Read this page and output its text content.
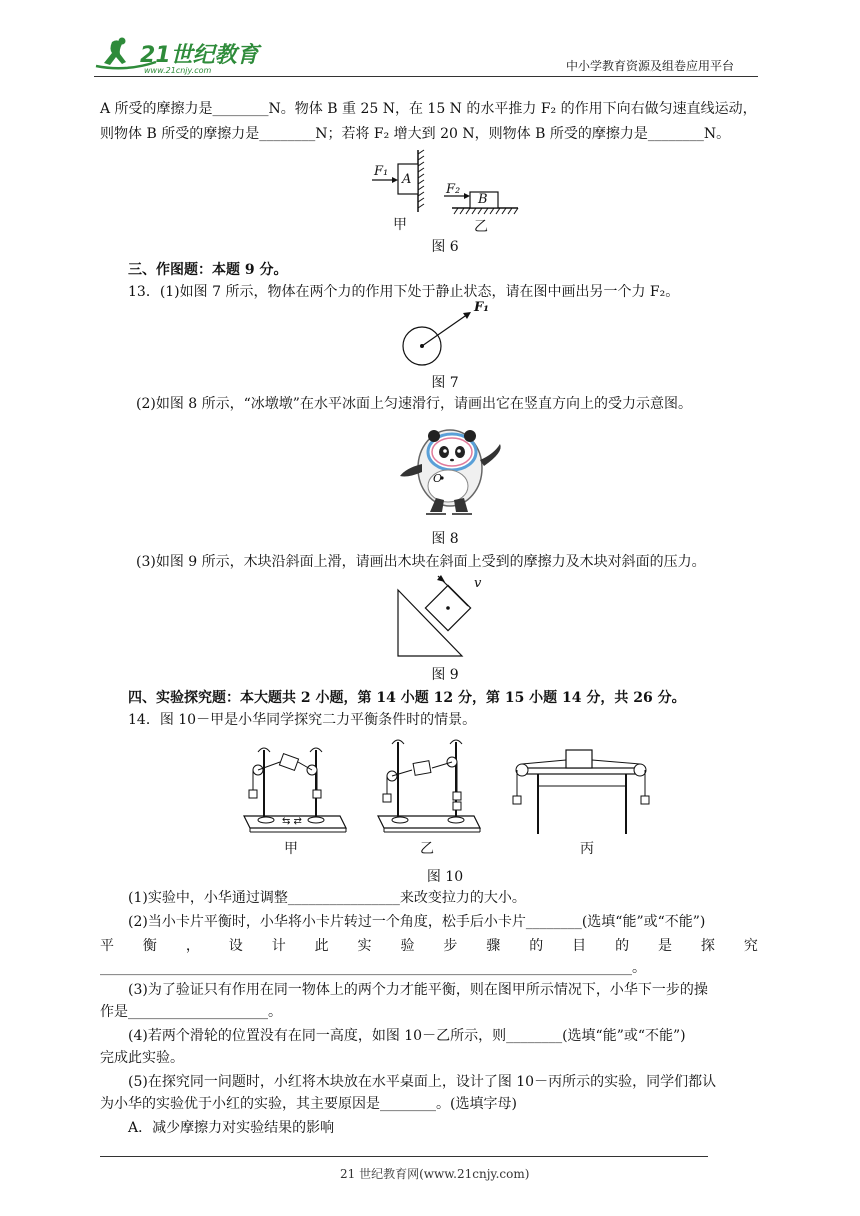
21世纪教育
www.21cnjy.com	中小学教育资源及组卷应用平台
A 所受的摩擦力是________N。物体 B 重 25 N，在 15 N 的水平推力 F₂ 的作用下向右做匀速直线运动，
则物体 B 所受的摩擦力是________N；若将 F₂ 增大到 20 N，则物体 B 所受的摩擦力是________N。
F₁
A
F₂
B
甲	乙
图 6
三、作图题：本题 9 分。
13．(1)如图 7 所示，物体在两个力的作用下处于静止状态，请在图中画出另一个力 F₂。
F₁
图 7
(2)如图 8 所示，“冰墩墩”在水平冰面上匀速滑行，请画出它在竖直方向上的受力示意图。
O
图 8
(3)如图 9 所示，木块沿斜面上滑，请画出木块在斜面上受到的摩擦力及木块对斜面的压力。
v
图 9
四、实验探究题：本大题共 2 小题，第 14 小题 12 分，第 15 小题 14 分，共 26 分。
14．图 10－甲是小华同学探究二力平衡条件时的情景。
⇆ ⇄
甲	乙	丙
图 10
(1)实验中，小华通过调整________________来改变拉力的大小。
(2)当小卡片平衡时，小华将小卡片转过一个角度，松手后小卡片________(选填“能”或“不能”)
平 衡 ， 设 计 此 实 验 步 骤 的 目 的 是 探 究
____________________________________________________________________________。
(3)为了验证只有作用在同一物体上的两个力才能平衡，则在图甲所示情况下，小华下一步的操
作是____________________。
(4)若两个滑轮的位置没有在同一高度，如图 10－乙所示，则________(选填“能”或“不能”)
完成此实验。
(5)在探究同一问题时，小红将木块放在水平桌面上，设计了图 10－丙所示的实验，同学们都认
为小华的实验优于小红的实验，其主要原因是________。(选填字母)
A．减少摩擦力对实验结果的影响
21 世纪教育网(www.21cnjy.com)
